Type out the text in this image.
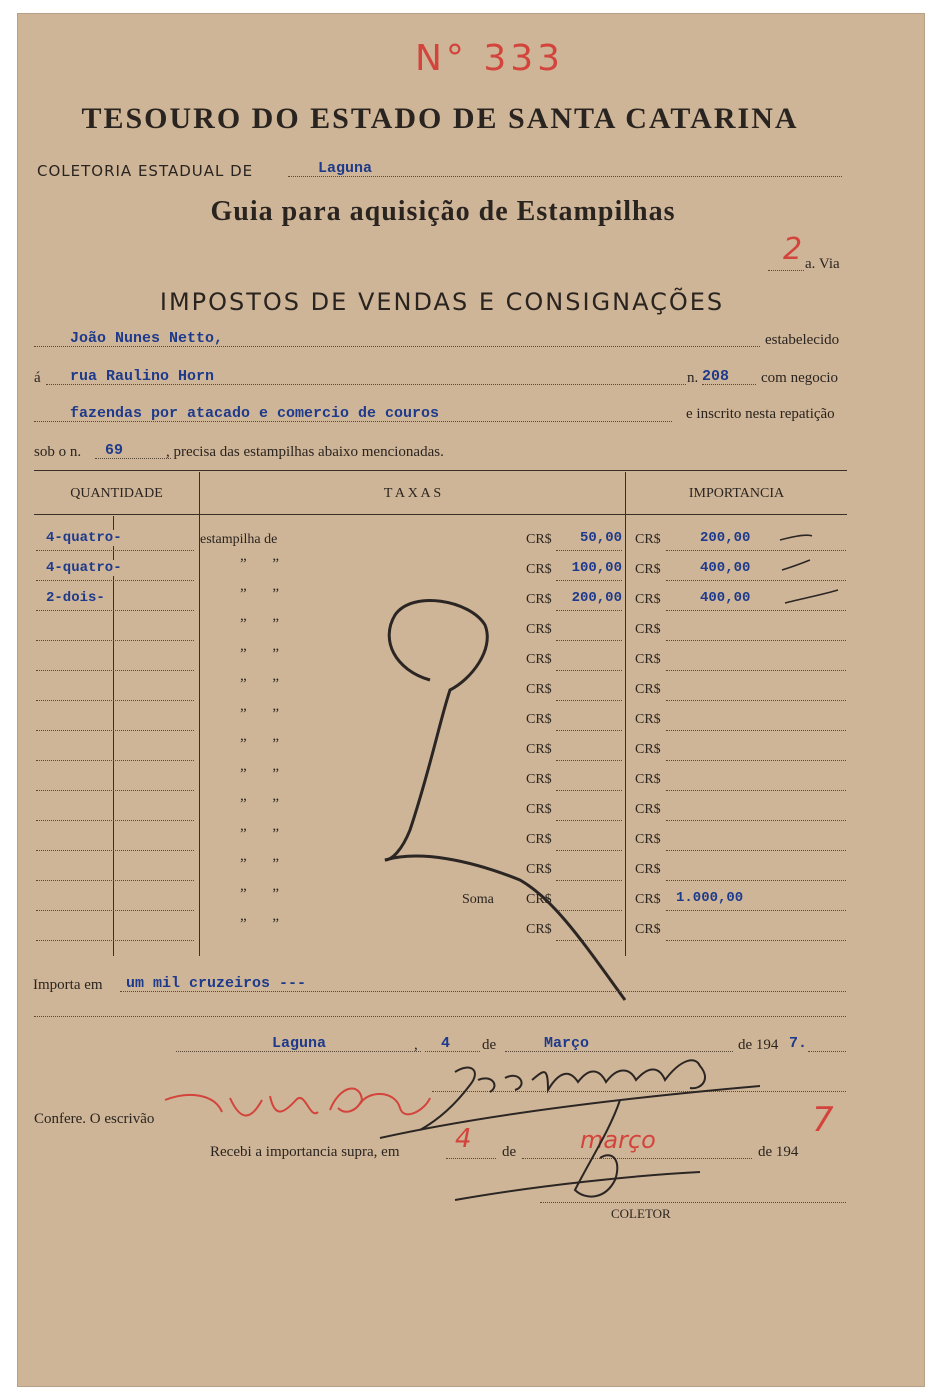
N° 333
TESOURO DO ESTADO DE SANTA CATARINA
COLETORIA ESTADUAL DE	Laguna
Guia para aquisição de Estampilhas
2 a. Via
IMPOSTOS DE VENDAS E CONSIGNAÇÕES
João Nunes Netto,	estabelecido
á rua Raulino Horn	n. 208 com negocio
fazendas por atacado e comercio de couros	e inscrito nesta repatição
sob o n. 69	, precisa das estampilhas abaixo mencionadas.
QUANTIDADE	T A X A S	IMPORTANCIA
4-quatro-	estampilha de	CR$	50,00 CR$	200,00
4-quatro-	” ”	CR$	100,00 CR$	400,00
2-dois-	” ”	CR$	200,00 CR$	400,00
” ”	CR$	CR$
” ”	CR$	CR$
” ”	CR$	CR$
” ”	CR$	CR$
” ”	CR$	CR$
” ”	CR$	CR$
” ”	CR$	CR$
” ”	CR$	CR$
” ”	CR$	CR$
” ”	Soma CR$	CR$ 1.000,00
” ”	CR$	CR$
Importa em um mil cruzeiros ---
Laguna	, 4 de	Março	de 194 7.
Confere. O escrivão
Recebi a importancia supra, em 4 de	março	de 194
7
COLETOR
